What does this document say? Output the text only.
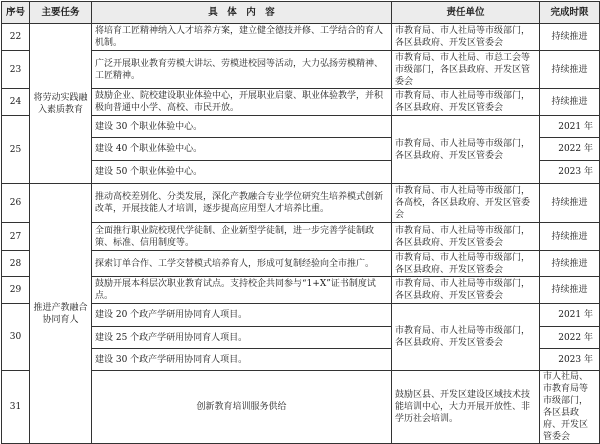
序号	主要任务	具　体　内　容	责任单位	完成时限	
22	将劳动实践融入素质教育	将培育工匠精神纳入人才培养方案，建立健全德技并修、工学结合的育人机制。	市教育局、市人社局等市级部门，各区县政府、开发区管委会	持续推进	
23		广泛开展职业教育劳模大讲坛、劳模进校园等活动，大力弘扬劳模精神、工匠精神。	市教育局、市人社局、市总工会等市级部门，各区县政府、开发区管委会	持续推进	
24		鼓励企业、院校建设职业体验中心，开展职业启蒙、职业体验教学，并积极向普通中小学、高校、市民开放。	市教育局、市人社局等市级部门，各区县政府、开发区管委会	持续推进	
25		建设 30 个职业体验中心。	市教育局、市人社局等市级部门，各区县政府、开发区管委会	2021 年	
		建设 40 个职业体验中心。		2022 年	
		建设 50 个职业体验中心。		2023 年	
26	推进产教融合协同育人	推动高校差别化、分类发展，深化产教融合专业学位研究生培养模式创新改革，开展技能人才培训，逐步提高应用型人才培养比重。	市教育局、市人社局等市级部门，各高校，各区县政府、开发区管委会	持续推进	
27		全面推行职业院校现代学徒制、企业新型学徒制，进一步完善学徒制政策、标准、信用制度等。	市教育局、市人社局等市级部门，各区县政府、开发区管委会	持续推进	
28		探索订单合作、工学交替模式培养育人，形成可复制经验向全市推广。	市教育局、市人社局等市级部门，各区县政府、开发区管委会	持续推进	
29		鼓励开展本科层次职业教育试点。支持校企共同参与“1+X”证书制度试点。	市教育局、市人社局等市级部门，各区县政府、开发区管委会	持续推进	
30		建设 20 个政产学研用协同育人项目。	市教育局、市人社局等市级部门，各区县政府、开发区管委会	2021 年	
		建设 25 个政产学研用协同育人项目。		2022 年	
		建设 30 个政产学研用协同育人项目。		2023 年	
31		创新教育培训服务供给	鼓励区县、开发区建设区域技术技能培训中心，大力开展开放性、非学历社会培训。	市人社局、市教育局等市级部门，各区县政府、开发区管委会	
